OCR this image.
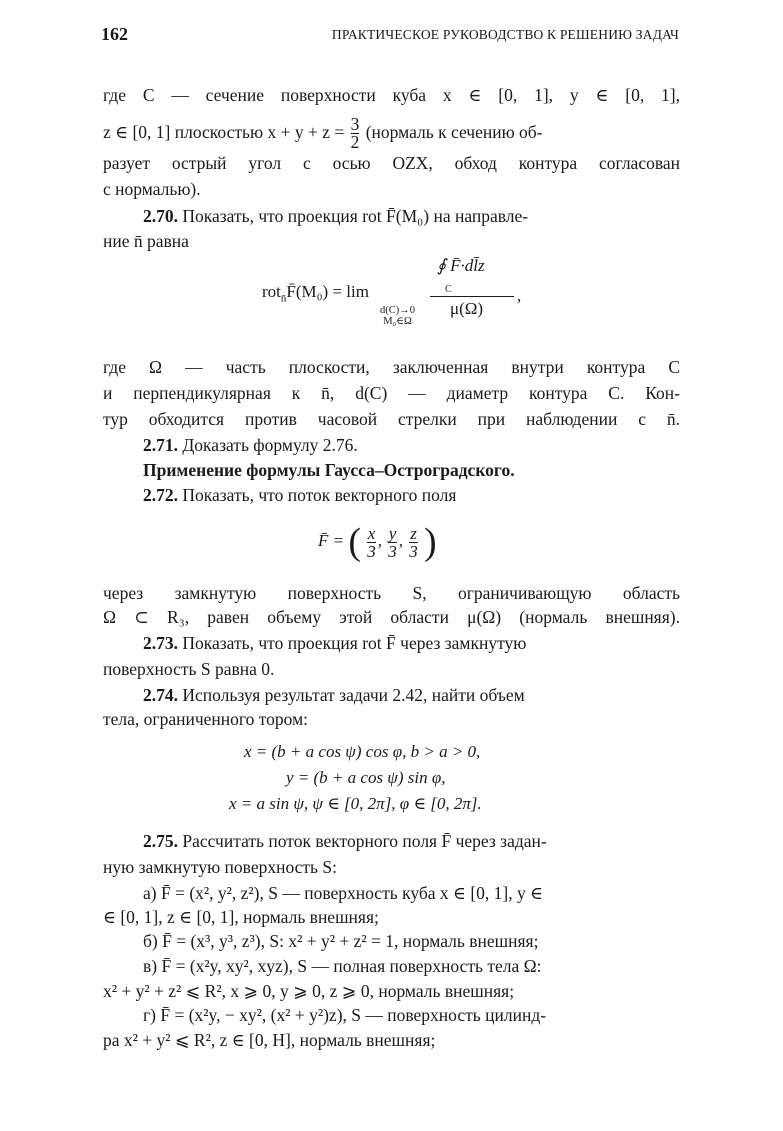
162	ПРАКТИЧЕСКОЕ РУКОВОДСТВО К РЕШЕНИЮ ЗАДАЧ
где C — сечение поверхности куба x ∈ [0, 1], y ∈ [0, 1],
z ∈ [0, 1] плоскостью $x + y + z = \frac{3}{2}$ (нормаль к сечению об-
разует острый угол с осью OZX, обход контура согласован
с нормалью).
2.70. Показать, что проекция rot F̄(M₀) на направле-
ние n̄ равна
rot$_{n̄}$F̄(M₀) = lim
d(C)→0
M₀∈Ω
∮ F̄·dl̄z
C
μ(Ω)
,
где Ω — часть плоскости, заключенная внутри контура C
и перпендикулярная к n̄, d(C) — диаметр контура C. Кон-
тур обходится против часовой стрелки при наблюдении с n̄.
2.71. Доказать формулу 2.76.
Применение формулы Гаусса–Остроградского.
2.72. Показать, что поток векторного поля
F̄ = ( $\frac{x}{3}$ , $\frac{y}{3}$ , $\frac{z}{3}$ )
через замкнутую поверхность S, ограничивающую область
Ω ⊂ R₃, равен объему этой области μ(Ω) (нормаль внешняя).
2.73. Показать, что проекция rot F̄ через замкнутую
поверхность S равна 0.
2.74. Используя результат задачи 2.42, найти объем
тела, ограниченного тором:
x = (b + a cos ψ) cos φ, b > a > 0,
y = (b + a cos ψ) sin φ,
x = a sin ψ, ψ ∈ [0, 2π], φ ∈ [0, 2π].
2.75. Рассчитать поток векторного поля F̄ через задан-
ную замкнутую поверхность S:
а) F̄ = (x², y², z²), S — поверхность куба x ∈ [0, 1], y ∈
∈ [0, 1], z ∈ [0, 1], нормаль внешняя;
б) F̄ = (x³, y³, z³), S: x² + y² + z² = 1, нормаль внешняя;
в) F̄ = (x²y, xy², xyz), S — полная поверхность тела Ω:
x² + y² + z² ⩽ R², x ⩾ 0, y ⩾ 0, z ⩾ 0, нормаль внешняя;
г) F̄ = (x²y, − xy², (x² + y²)z), S — поверхность цилинд-
ра x² + y² ⩽ R², z ∈ [0, H], нормаль внешняя;
